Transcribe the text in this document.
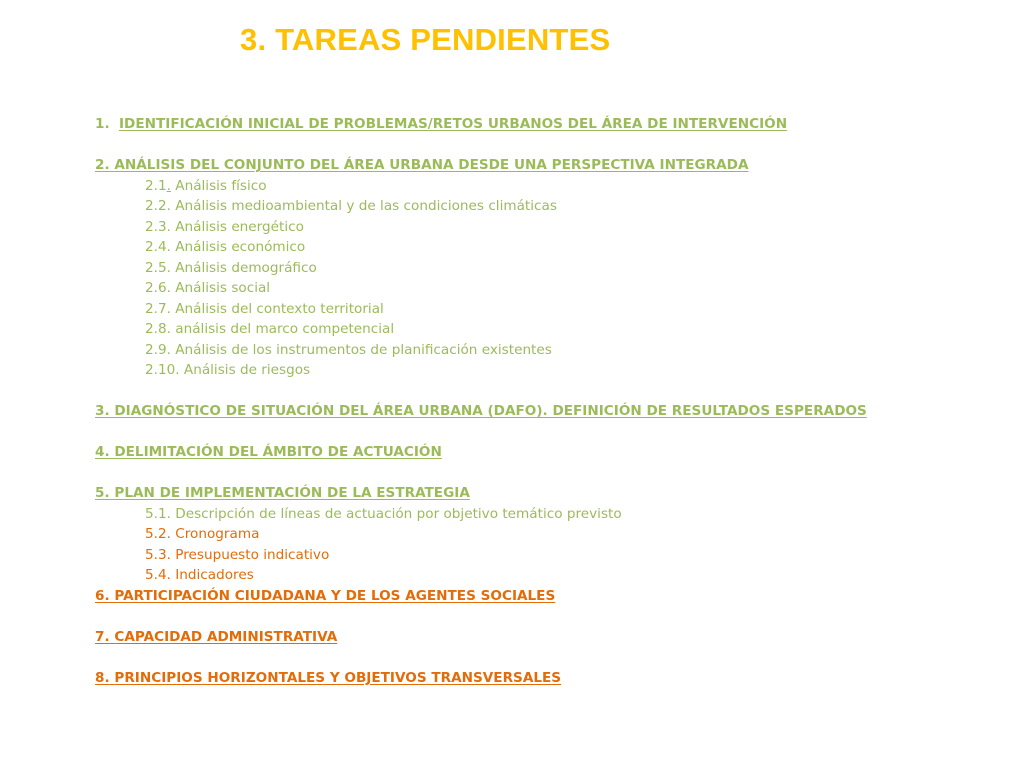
3. TAREAS PENDIENTES
1. IDENTIFICACIÓN INICIAL DE PROBLEMAS/RETOS URBANOS DEL ÁREA DE INTERVENCIÓN
2. ANÁLISIS DEL CONJUNTO DEL ÁREA URBANA DESDE UNA PERSPECTIVA INTEGRADA
2.1. Análisis físico
2.2. Análisis medioambiental y de las condiciones climáticas
2.3. Análisis energético
2.4. Análisis económico
2.5. Análisis demográfico
2.6. Análisis social
2.7. Análisis del contexto territorial
2.8. análisis del marco competencial
2.9. Análisis de los instrumentos de planificación existentes
2.10. Análisis de riesgos
3. DIAGNÓSTICO DE SITUACIÓN DEL ÁREA URBANA (DAFO). DEFINICIÓN DE RESULTADOS ESPERADOS
4. DELIMITACIÓN DEL ÁMBITO DE ACTUACIÓN
5. PLAN DE IMPLEMENTACIÓN DE LA ESTRATEGIA
5.1. Descripción de líneas de actuación por objetivo temático previsto
5.2. Cronograma
5.3. Presupuesto indicativo
5.4. Indicadores
6. PARTICIPACIÓN CIUDADANA Y DE LOS AGENTES SOCIALES
7. CAPACIDAD ADMINISTRATIVA
8. PRINCIPIOS HORIZONTALES Y OBJETIVOS TRANSVERSALES
